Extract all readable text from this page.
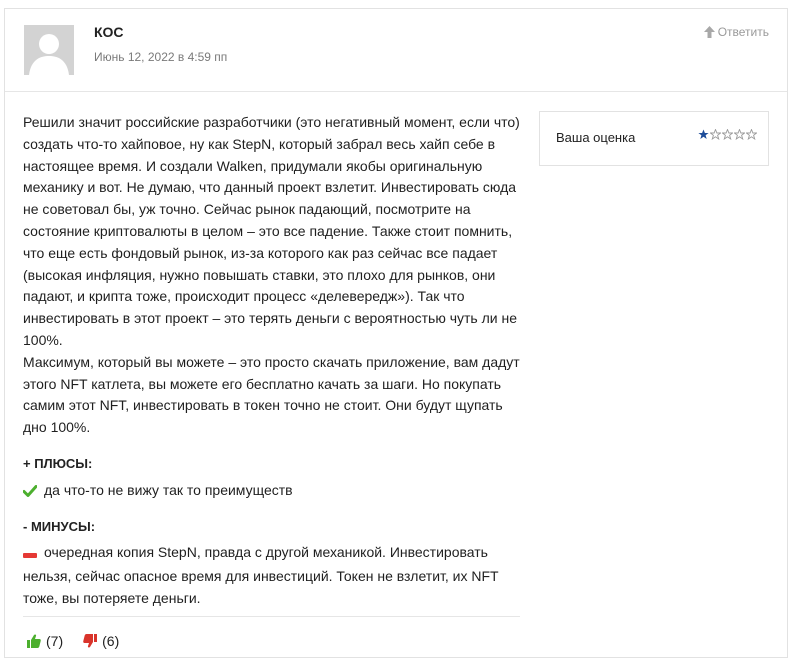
КОС
Июнь 12, 2022 в 4:59 пп
Ответить

Решили значит российские разработчики (это негативный момент, если что) создать что-то хайповое, ну как StepN, который забрал весь хайп себе в настоящее время. И создали Walken, придумали якобы оригинальную механику и вот. Не думаю, что данный проект взлетит. Инвестировать сюда не советовал бы, уж точно. Сейчас рынок падающий, посмотрите на состояние криптовалюты в целом – это все падение. Также стоит помнить, что еще есть фондовый рынок, из-за которого как раз сейчас все падает (высокая инфляция, нужно повышать ставки, это плохо для рынков, они падают, и крипта тоже, происходит процесс «делевередж»). Так что инвестировать в этот проект – это терять деньги с вероятностью чуть ли не 100%.

Максимум, который вы можете – это просто скачать приложение, вам дадут этого NFT катлета, вы можете его бесплатно качать за шаги. Но покупать самим этот NFT, инвестировать в токен точно не стоит. Они будут щупать дно 100%.

Ваша оценка
+ ПЛЮСЫ:
да что-то не вижу так то преимуществ
- МИНУСЫ:
очередная копия StepN, правда с другой механикой. Инвестировать нельзя, сейчас опасное время для инвестиций. Токен не взлетит, их NFT тоже, вы потеряете деньги.
(7)	(6)
